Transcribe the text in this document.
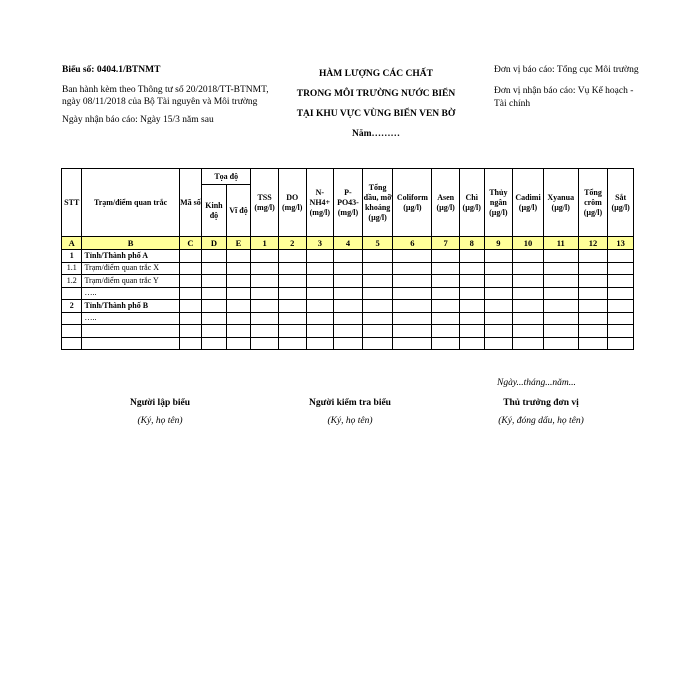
Biểu số: 0404.1/BTNMT
Ban hành kèm theo Thông tư số 20/2018/TT-BTNMT, ngày 08/11/2018 của Bộ Tài nguyên và Môi trường
Ngày nhận báo cáo: Ngày 15/3 năm sau
HÀM LƯỢNG CÁC CHẤT
TRONG MÔI TRƯỜNG NƯỚC BIỂN
TẠI KHU VỰC VÙNG BIỂN VEN BỜ
Năm………
Đơn vị báo cáo: Tổng cục Môi trường
Đơn vị nhận báo cáo: Vụ Kế hoạch - Tài chính
STT	Trạm/điểm quan trắc	Mã số	Tọa độ		TSS (mg/l)	DO (mg/l)	N-NH4+ (mg/l)	P-PO43- (mg/l)	Tổng dầu, mỡ khoáng (µg/l)	Coliform (µg/l)	Asen (µg/l)	Chì (µg/l)	Thủy ngân (µg/l)	Cadimi (µg/l)	Xyanua (µg/l)	Tổng crôm (µg/l)	Sắt (µg/l)
			Kinh độ	Vĩ độ													
A	B	C	D	E	1	2	3	4	5	6	7	8	9	10	11	12	13
1	Tỉnh/Thành phố A																
1.1	Trạm/điểm quan trắc X																
1.2	Trạm/điểm quan trắc Y																
	…..																
2	Tỉnh/Thành phố B																
	…..																

Ngày...tháng...năm...
Người lập biểu
(Ký, họ tên)
Người kiểm tra biểu
(Ký, họ tên)
Thủ trưởng đơn vị
(Ký, đóng dấu, họ tên)
